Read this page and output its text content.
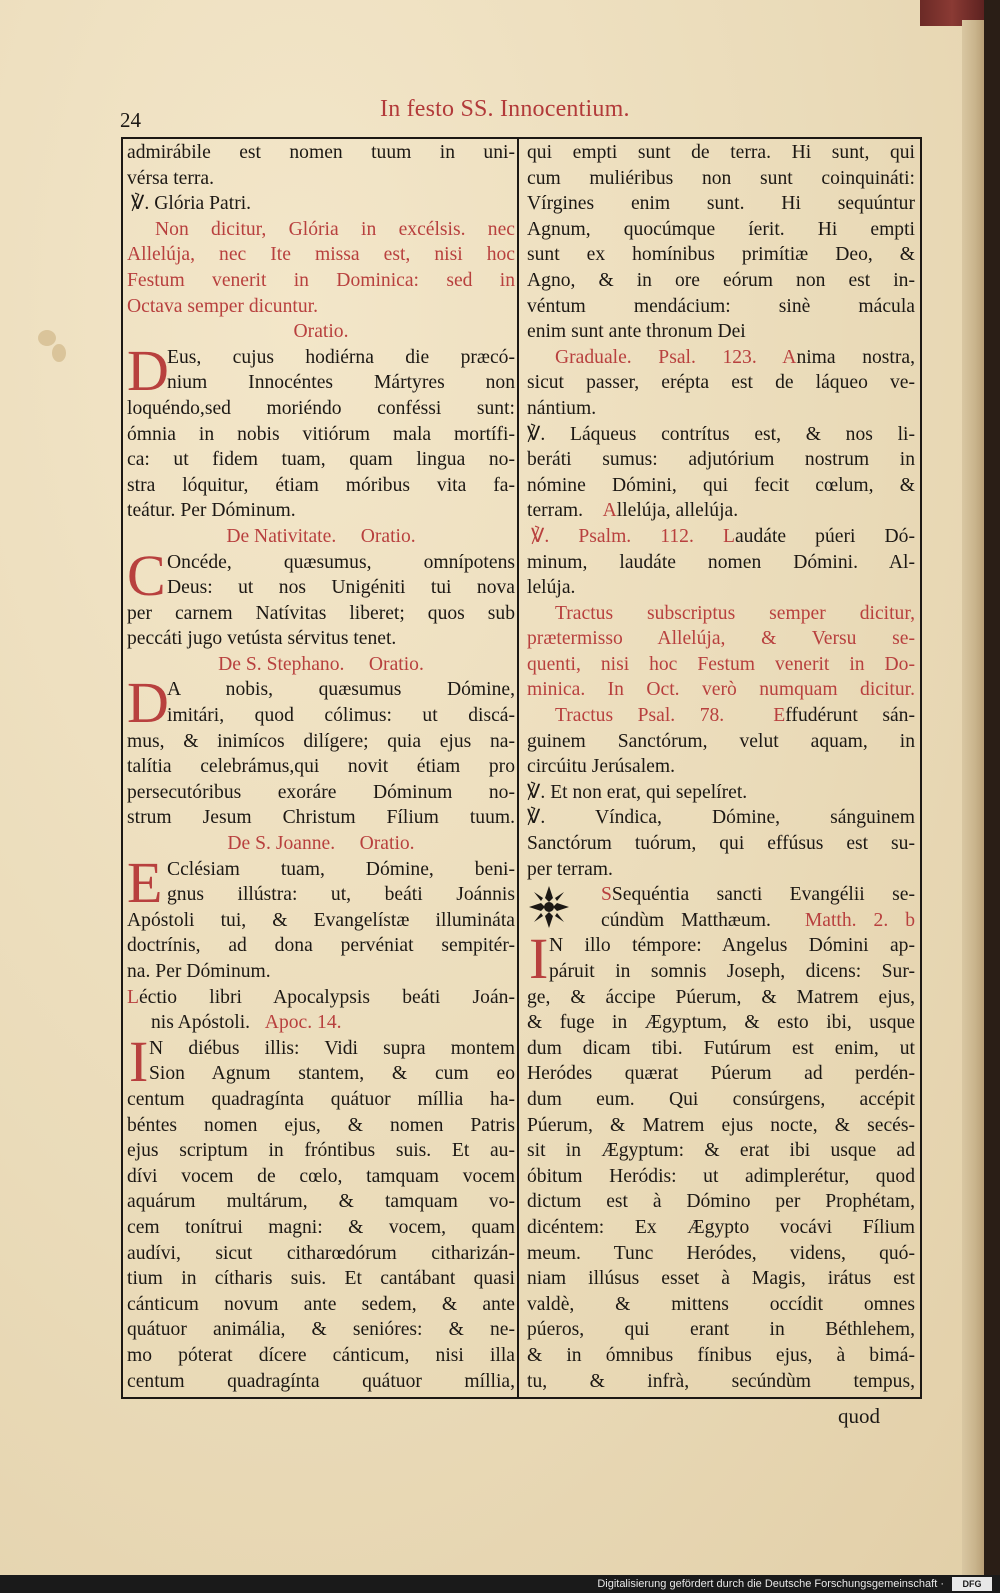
24	In festo SS. Innocentium.
admirábile est nomen tuum in uni-
vérsa terra.
℣. Glória Patri.
Non dicitur, Glória in excélsis. nec
Allelúja, nec Ite missa est, nisi hoc
Festum venerit in Dominica: sed in
Octava semper dicuntur.
Oratio.
D
Eus, cujus hodiérna die præcó-
nium Innocéntes Mártyres non
loquéndo,sed moriéndo conféssi sunt:
ómnia in nobis vitiórum mala mortífi-
ca: ut fidem tuam, quam lingua no-
stra lóquitur, étiam móribus vita fa-
teátur. Per Dóminum.
De Nativitate.     Oratio.
C Oncéde, quæsumus, omnípotens
Deus: ut nos Unigéniti tui nova
per carnem Natívitas liberet; quos sub
peccáti jugo vetústa sérvitus tenet.
De S. Stephano.     Oratio.
D
A nobis, quæsumus Dómine,
imitári, quod cólimus: ut discá-
mus, & inimícos dilígere; quia ejus na-
talítia celebrámus,qui novit étiam pro
persecutóribus exoráre Dóminum no-
strum Jesum Christum Fílium tuum.
De S. Joanne.     Oratio.
E Cclésiam tuam, Dómine, beni-
gnus illústra: ut, beáti Joánnis
Apóstoli tui, & Evangelístæ illumináta
doctrínis, ad dona pervéniat sempitér-
na. Per Dóminum.
Léctio libri Apocalypsis beáti Joán-
nis Apóstoli. Apoc. 14.
I N diébus illis: Vidi supra montem
Sion Agnum stantem, & cum eo
centum quadragínta quátuor míllia ha-
béntes nomen ejus, & nomen Patris
ejus scriptum in fróntibus suis. Et au-
dívi vocem de cœlo, tamquam vocem
aquárum multárum, & tamquam vo-
cem tonítrui magni: & vocem, quam
audívi, sicut citharœdórum citharizán-
tium in cítharis suis. Et cantábant quasi
cánticum novum ante sedem, & ante
quátuor animália, & senióres: & ne-
mo póterat dícere cánticum, nisi illa
centum quadragínta quátuor míllia,
qui empti sunt de terra. Hi sunt, qui
cum muliéribus non sunt coinquináti:
Vírgines enim sunt. Hi sequúntur
Agnum, quocúmque íerit. Hi empti
sunt ex homínibus primítiæ Deo, &
Agno, & in ore eórum non est in-
véntum mendácium: sinè mácula
enim sunt ante thronum Dei
Graduale. Psal. 123. Anima nostra,
sicut passer, erépta est de láqueo ve-
nántium.
℣. Láqueus contrítus est, & nos li-
beráti sumus: adjutórium nostrum in
nómine Dómini, qui fecit cœlum, &
terram. Allelúja, allelúja.
℣. Psalm. 112. Laudáte púeri Dó-
minum, laudáte nomen Dómini. Al-
lelúja.
Tractus subscriptus semper dicitur,
prætermisso Allelúja, & Versu se-
quenti, nisi hoc Festum venerit in Do-
minica. In Oct. verò numquam dicitur.
Tractus Psal. 78.	Effudérunt sán-
guinem Sanctórum, velut aquam, in
circúitu Jerúsalem.
℣. Et non erat, qui sepelíret.
℣. Víndica, Dómine, sánguinem
Sanctórum tuórum, qui effúsus est su-
per terram.
SSequéntia sancti Evangélii se-
cúndùm Matthæum. Matth. 2. b
I N illo témpore: Angelus Dómini ap-
páruit in somnis Joseph, dicens: Sur-
ge, & áccipe Púerum, & Matrem ejus,
& fuge in Ægyptum, & esto ibi, usque
dum dicam tibi. Futúrum est enim, ut
Heródes quærat Púerum ad perdén-
dum eum. Qui consúrgens, accépit
Púerum, & Matrem ejus nocte, & secés-
sit in Ægyptum: & erat ibi usque ad
óbitum Heródis: ut adimplerétur, quod
dictum est à Dómino per Prophétam,
dicéntem: Ex Ægypto vocávi Fílium
meum. Tunc Heródes, videns, quó-
niam illúsus esset à Magis, irátus est
valdè, & mittens occídit omnes
púeros, qui erant in Béthlehem,
& in ómnibus fínibus ejus, à bimá-
tu, & infrà, secúndùm tempus,
quod
Digitalisierung gefördert durch die Deutsche Forschungsgemeinschaft ·	DFG
